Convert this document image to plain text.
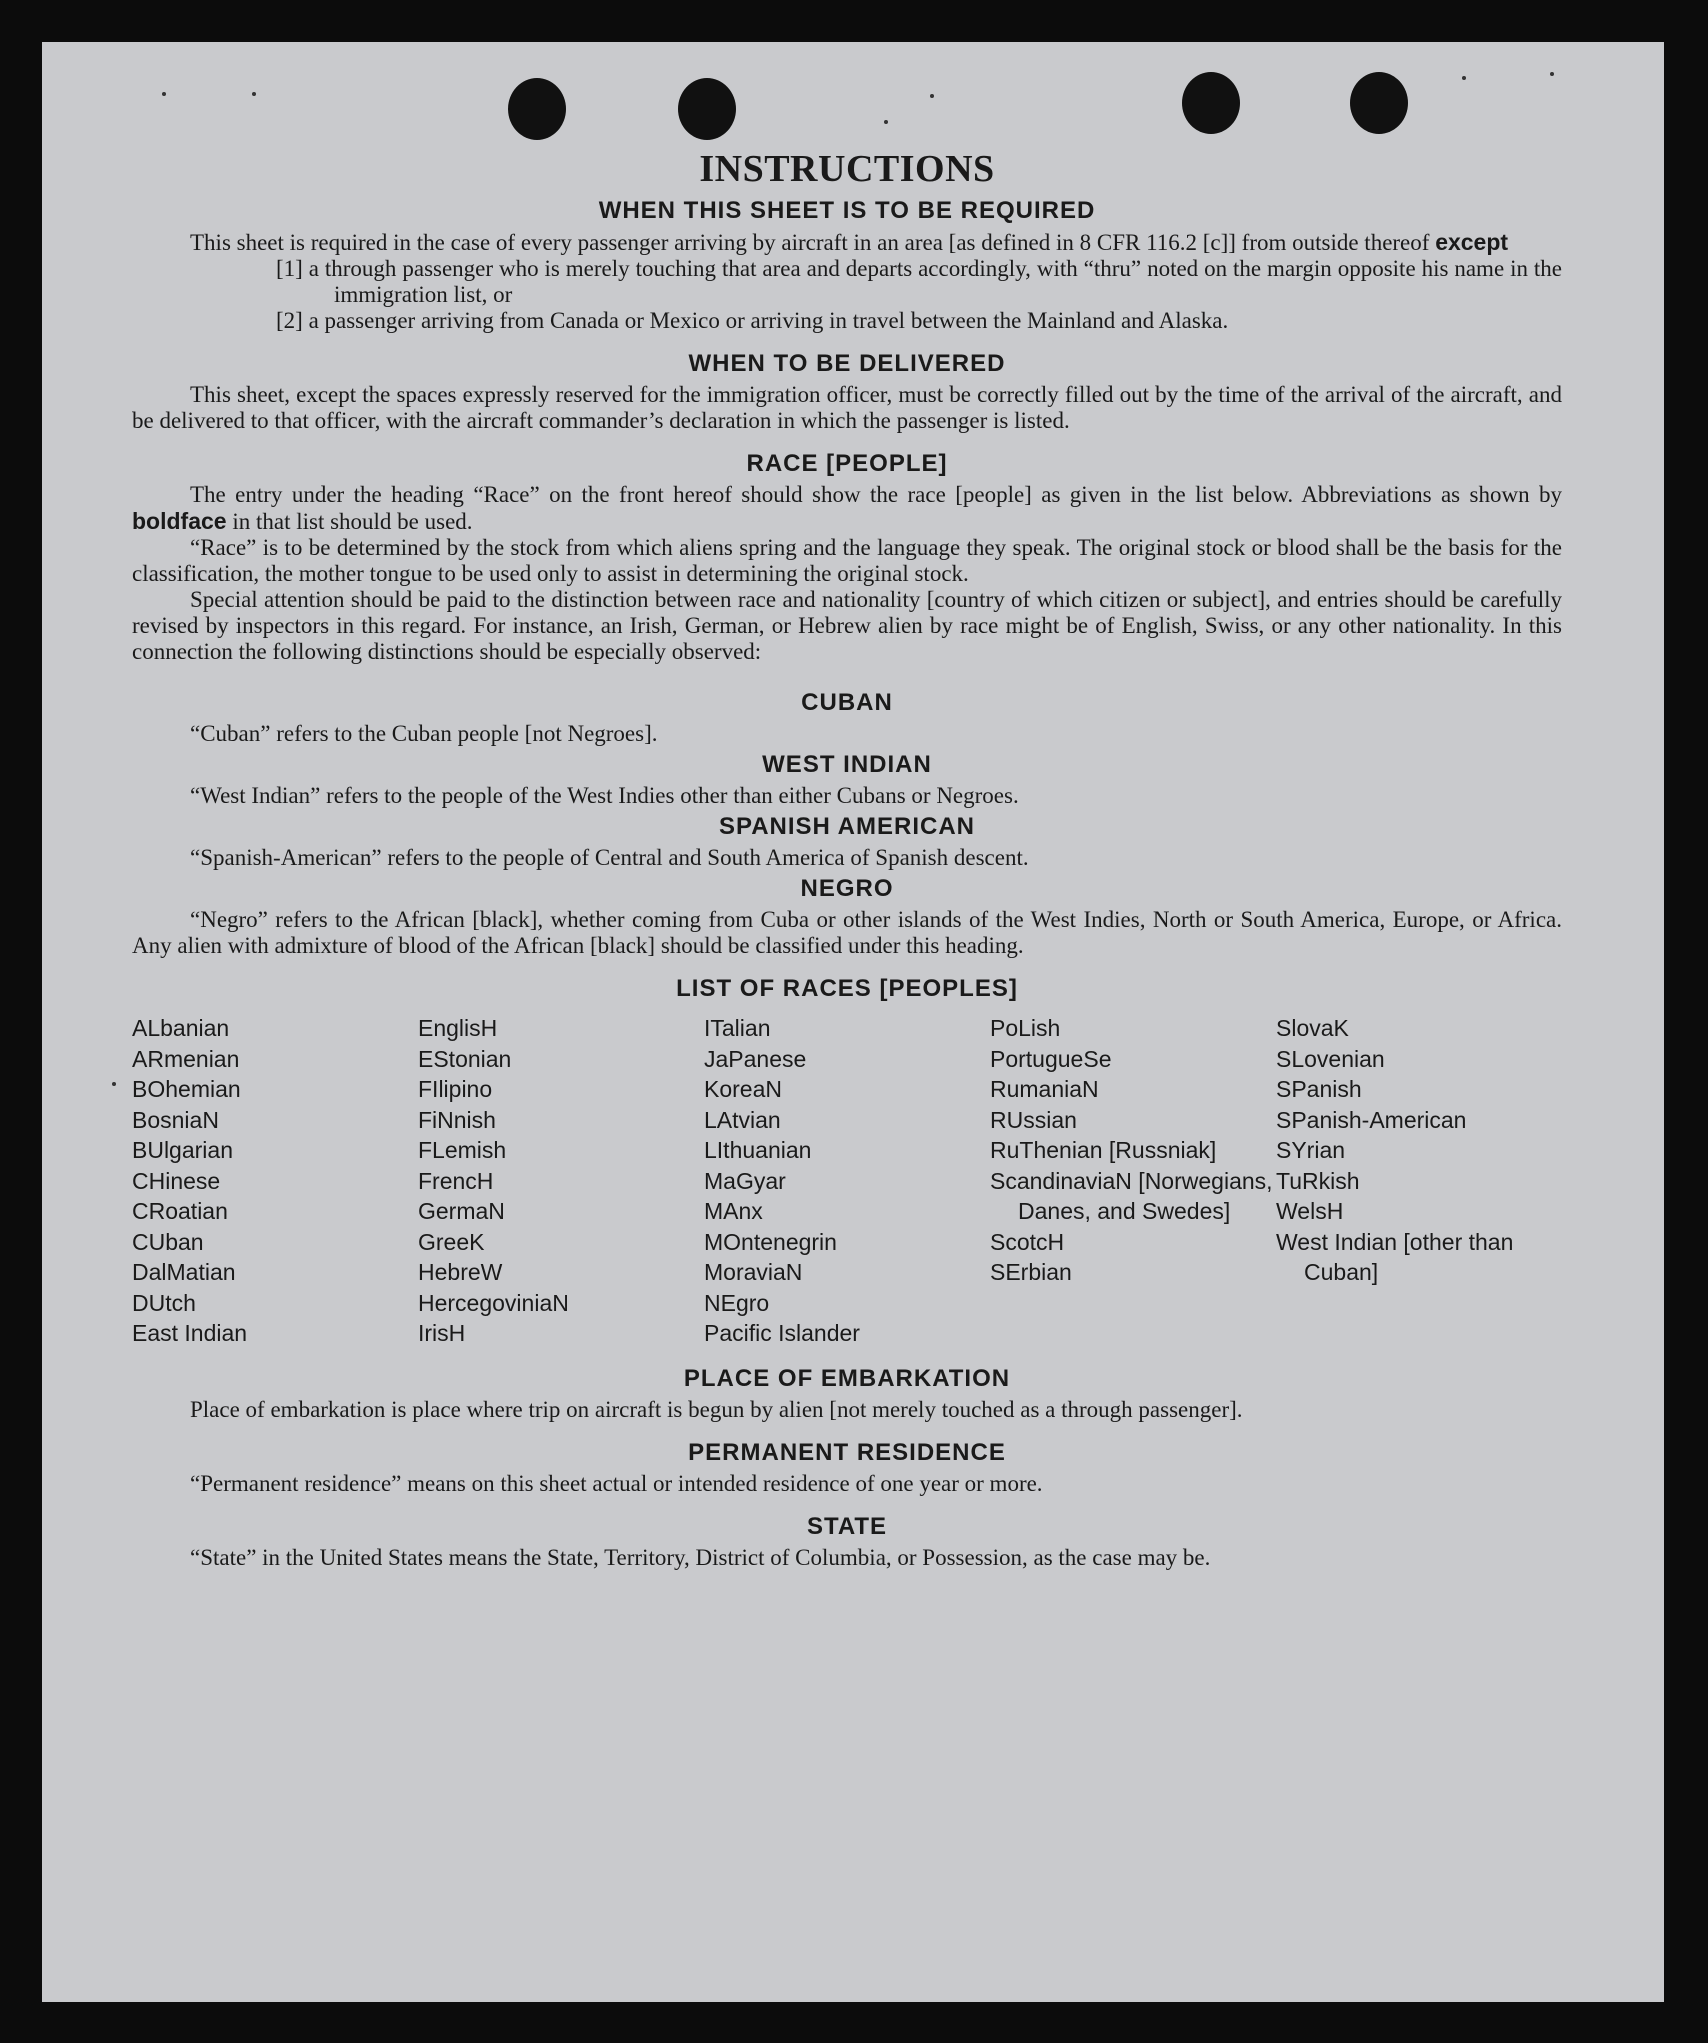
INSTRUCTIONS
WHEN THIS SHEET IS TO BE REQUIRED

This sheet is required in the case of every passenger arriving by aircraft in an area [as defined in 8 CFR 116.2 [c]] from outside thereof except

[1] a through passenger who is merely touching that area and departs accordingly, with “thru” noted on the margin opposite his name in the immigration list, or

[2] a passenger arriving from Canada or Mexico or arriving in travel between the Mainland and Alaska.

WHEN TO BE DELIVERED

This sheet, except the spaces expressly reserved for the immigration officer, must be correctly filled out by the time of the arrival of the aircraft, and be delivered to that officer, with the aircraft commander’s declaration in which the passenger is listed.

RACE [PEOPLE]

The entry under the heading “Race” on the front hereof should show the race [people] as given in the list below. Abbreviations as shown by boldface in that list should be used.

“Race” is to be determined by the stock from which aliens spring and the language they speak. The original stock or blood shall be the basis for the classification, the mother tongue to be used only to assist in determining the original stock.

Special attention should be paid to the distinction between race and nationality [country of which citizen or subject], and entries should be carefully revised by inspectors in this regard. For instance, an Irish, German, or Hebrew alien by race might be of English, Swiss, or any other nationality. In this connection the following distinctions should be especially observed:

CUBAN

“Cuban” refers to the Cuban people [not Negroes].

WEST INDIAN

“West Indian” refers to the people of the West Indies other than either Cubans or Negroes.

SPANISH AMERICAN

“Spanish-American” refers to the people of Central and South America of Spanish descent.

NEGRO

“Negro” refers to the African [black], whether coming from Cuba or other islands of the West Indies, North or South America, Europe, or Africa. Any alien with admixture of blood of the African [black] should be classified under this heading.

LIST OF RACES [PEOPLES]
ALbanian
ARmenian
BOhemian
BosniaN
BUlgarian
CHinese
CRoatian
CUban
DalMatian
DUtch
East Indian
EnglisH
EStonian
FIlipino
FiNnish
FLemish
FrencH
GermaN
GreeK
HebreW
HercegoviniaN
IrisH
ITalian
JaPanese
KoreaN
LAtvian
LIthuanian
MaGyar
MAnx
MOntenegrin
MoraviaN
NEgro
Pacific Islander
PoLish
PortugueSe
RumaniaN
RUssian
RuThenian [Russniak]
ScandinaviaN [Norwegians, Danes, and Swedes]
ScotcH
SErbian
SlovaK
SLovenian
SPanish
SPanish-American
SYrian
TuRkish
WelsH
West Indian [other than Cuban]
PLACE OF EMBARKATION

Place of embarkation is place where trip on aircraft is begun by alien [not merely touched as a through passenger].

PERMANENT RESIDENCE

“Permanent residence” means on this sheet actual or intended residence of one year or more.

STATE

“State” in the United States means the State, Territory, District of Columbia, or Possession, as the case may be.
